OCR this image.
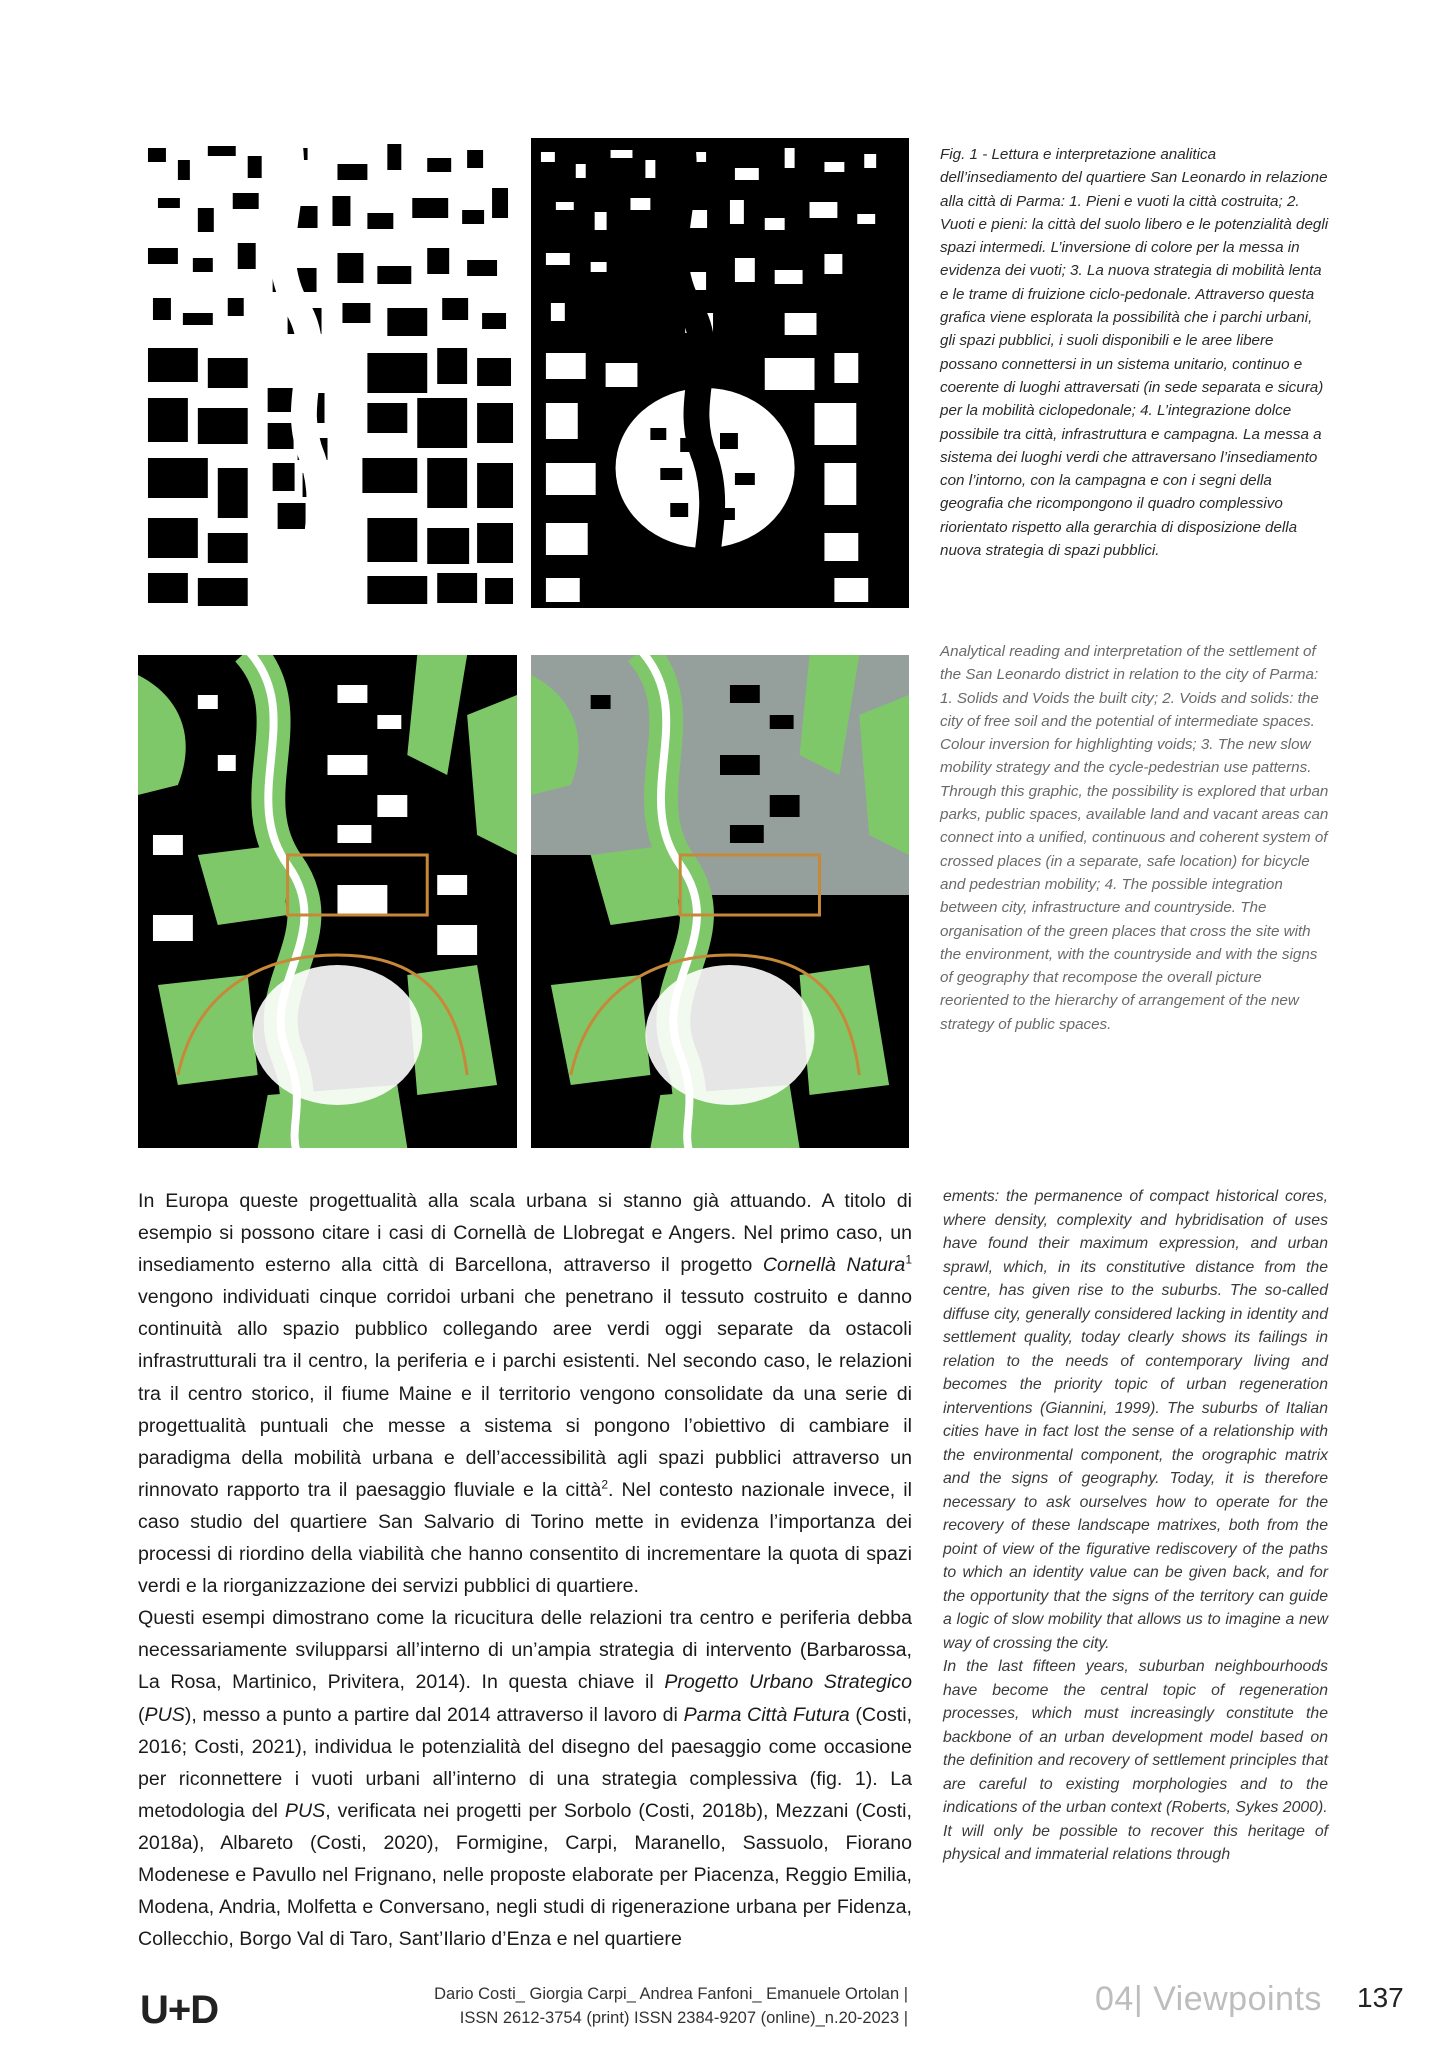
Fig. 1 - Lettura e interpretazione analitica dell’insediamento del quartiere San Leonardo in relazione alla città di Parma: 1. Pieni e vuoti la città costruita; 2. Vuoti e pieni: la città del suolo libero e le potenzialità degli spazi intermedi. L’inversione di colore per la messa in evidenza dei vuoti; 3. La nuova strategia di mobilità lenta e le trame di fruizione ciclo-pedonale. Attraverso questa grafica viene esplorata la possibilità che i parchi urbani, gli spazi pubblici, i suoli disponibili e le aree libere possano connettersi in un sistema unitario, continuo e coerente di luoghi attraversati (in sede separata e sicura) per la mobilità ciclopedonale; 4. L’integrazione dolce possibile tra città, infrastruttura e campagna. La messa a sistema dei luoghi verdi che attraversano l’insediamento con l’intorno, con la campagna e con i segni della geografia che ricompongono il quadro complessivo riorientato rispetto alla gerarchia di disposizione della nuova strategia di spazi pubblici.
Analytical reading and interpretation of the settlement of the San Leonardo district in relation to the city of Parma: 1. Solids and Voids the built city; 2. Voids and solids: the city of free soil and the potential of intermediate spaces. Colour inversion for highlighting voids; 3. The new slow mobility strategy and the cycle-pedestrian use patterns. Through this graphic, the possibility is explored that urban parks, public spaces, available land and vacant areas can connect into a unified, continuous and coherent system of crossed places (in a separate, safe location) for bicycle and pedestrian mobility; 4. The possible integration between city, infrastructure and countryside. The organisation of the green places that cross the site with the environment, with the countryside and with the signs of geography that recompose the overall picture reoriented to the hierarchy of arrangement of the new strategy of public spaces.

In Europa queste progettualità alla scala urbana si stanno già attuando. A titolo di esempio si possono citare i casi di Cornellà de Llobregat e Angers. Nel primo caso, un insediamento esterno alla città di Barcellona, attraverso il progetto Cornellà Natura$^1$ vengono individuati cinque corridoi urbani che penetrano il tessuto costruito e danno continuità allo spazio pubblico collegando aree verdi oggi separate da ostacoli infrastrutturali tra il centro, la periferia e i parchi esistenti. Nel secondo caso, le relazioni tra il centro storico, il fiume Maine e il territorio vengono consolidate da una serie di progettualità puntuali che messe a sistema si pongono l’obiettivo di cambiare il paradigma della mobilità urbana e dell’accessibilità agli spazi pubblici attraverso un rinnovato rapporto tra il paesaggio fluviale e la città$^2$. Nel contesto nazionale invece, il caso studio del quartiere San Salvario di Torino mette in evidenza l’importanza dei processi di riordino della viabilità che hanno consentito di incrementare la quota di spazi verdi e la riorganizzazione dei servizi pubblici di quartiere.

Questi esempi dimostrano come la ricucitura delle relazioni tra centro e periferia debba necessariamente svilupparsi all’interno di un’ampia strategia di intervento (Barbarossa, La Rosa, Martinico, Privitera, 2014). In questa chiave il Progetto Urbano Strategico (PUS), messo a punto a partire dal 2014 attraverso il lavoro di Parma Città Futura (Costi, 2016; Costi, 2021), individua le potenzialità del disegno del paesaggio come occasione per riconnettere i vuoti urbani all’interno di una strategia complessiva (fig. 1). La metodologia del PUS, verificata nei progetti per Sorbolo (Costi, 2018b), Mezzani (Costi, 2018a), Albareto (Costi, 2020), Formigine, Carpi, Maranello, Sassuolo, Fiorano Modenese e Pavullo nel Frignano, nelle proposte elaborate per Piacenza, Reggio Emilia, Modena, Andria, Molfetta e Conversano, negli studi di rigenerazione urbana per Fidenza, Collecchio, Borgo Val di Taro, Sant’Ilario d’Enza e nel quartiere

ements: the permanence of compact historical cores, where density, complexity and hybridisation of uses have found their maximum expression, and urban sprawl, which, in its constitutive distance from the centre, has given rise to the suburbs. The so-called diffuse city, generally considered lacking in identity and settlement quality, today clearly shows its failings in relation to the needs of contemporary living and becomes the priority topic of urban regeneration interventions (Giannini, 1999). The suburbs of Italian cities have in fact lost the sense of a relationship with the environmental component, the orographic matrix and the signs of geography. Today, it is therefore necessary to ask ourselves how to operate for the recovery of these landscape matrixes, both from the point of view of the figurative rediscovery of the paths to which an identity value can be given back, and for the opportunity that the signs of the territory can guide a logic of slow mobility that allows us to imagine a new way of crossing the city.

In the last fifteen years, suburban neighbourhoods have become the central topic of regeneration processes, which must increasingly constitute the backbone of an urban development model based on the definition and recovery of settlement principles that are careful to existing morphologies and to the indications of the urban context (Roberts, Sykes 2000).

It will only be possible to recover this heritage of physical and immaterial relations through

U+D	Dario Costi_ Giorgia Carpi_ Andrea Fanfoni_ Emanuele Ortolan |
ISSN 2612-3754 (print) ISSN 2384-9207 (online)_n.20-2023 |	04| Viewpoints 137
